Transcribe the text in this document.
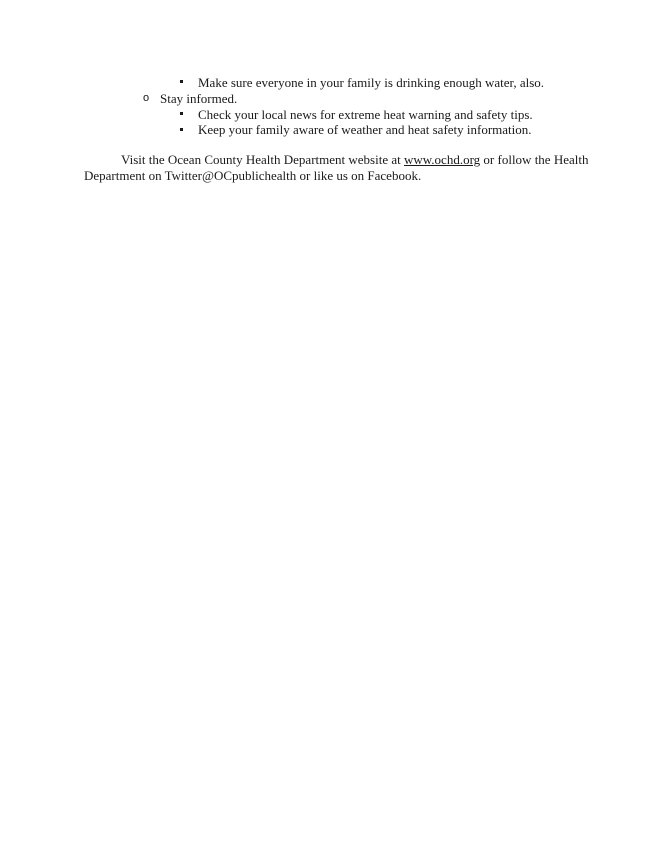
Make sure everyone in your family is drinking enough water, also.
o Stay informed.
Check your local news for extreme heat warning and safety tips.
Keep your family aware of weather and heat safety information.
Visit the Ocean County Health Department website at www.ochd.org or follow the Health
Department on Twitter@OCpublichealth or like us on Facebook.
